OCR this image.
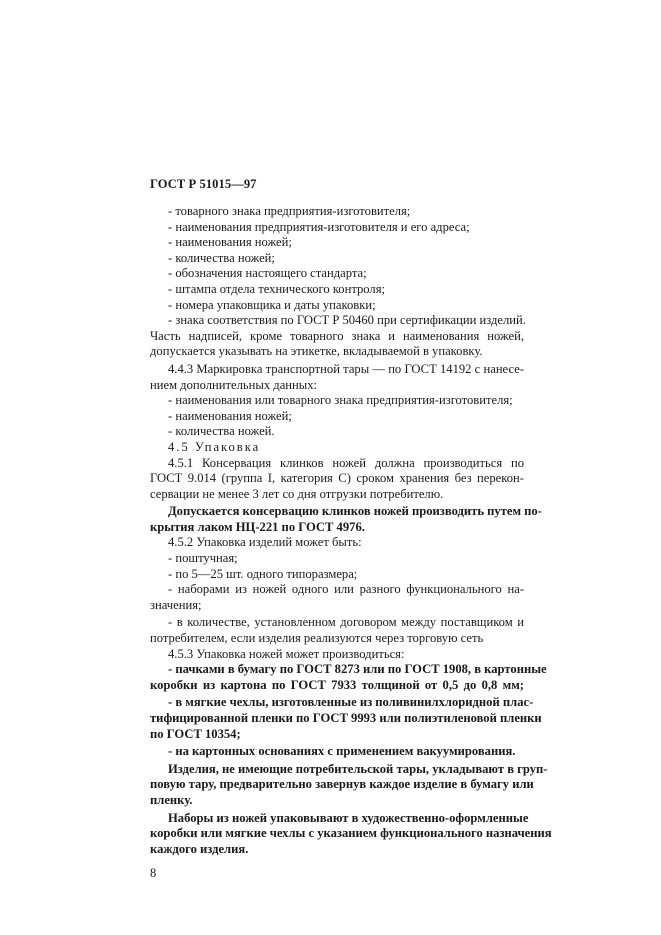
ГОСТ Р 51015—97
- товарного знака предприятия-изготовителя;
- наименования предприятия-изготовителя и его адреса;
- наименования ножей;
- количества ножей;
- обозначения настоящего стандарта;
- штампа отдела технического контроля;
- номера упаковщика и даты упаковки;
- знака соответствия по ГОСТ Р 50460 при сертификации изделий.
Часть надписей, кроме товарного знака и наименования ножей,
допускается указывать на этикетке, вкладываемой в упаковку.
4.4.3 Маркировка транспортной тары — по ГОСТ 14192 с нанесе-
нием дополнительных данных:
- наименования или товарного знака предприятия-изготовителя;
- наименования ножей;
- количества ножей.
4.5 Упаковка
4.5.1 Консервация клинков ножей должна производиться по
ГОСТ 9.014 (группа I, категория С) сроком хранения без перекон-
сервации не менее 3 лет со дня отгрузки потребителю.
Допускается консервацию клинков ножей производить путем по-
крытия лаком НЦ-221 по ГОСТ 4976.
4.5.2 Упаковка изделий может быть:
- поштучная;
- по 5—25 шт. одного типоразмера;
- наборами из ножей одного или разного функционального на-
значения;
- в количестве, установленном договором между поставщиком и
потребителем, если изделия реализуются через торговую сеть
4.5.3 Упаковка ножей может производиться:
- пачками в бумагу по ГОСТ 8273 или по ГОСТ 1908, в картонные
коробки из картона по ГОСТ 7933 толщиной от 0,5 до 0,8 мм;
- в мягкие чехлы, изготовленные из поливинилхлоридной плас-
тифицированной пленки по ГОСТ 9993 или полиэтиленовой пленки
по ГОСТ 10354;
- на картонных основаниях с применением вакуумирования.
Изделия, не имеющие потребительской тары, укладывают в груп-
повую тару, предварительно завернув каждое изделие в бумагу или
пленку.
Наборы из ножей упаковывают в художественно-оформленные
коробки или мягкие чехлы с указанием функционального назначения
каждого изделия.
8
